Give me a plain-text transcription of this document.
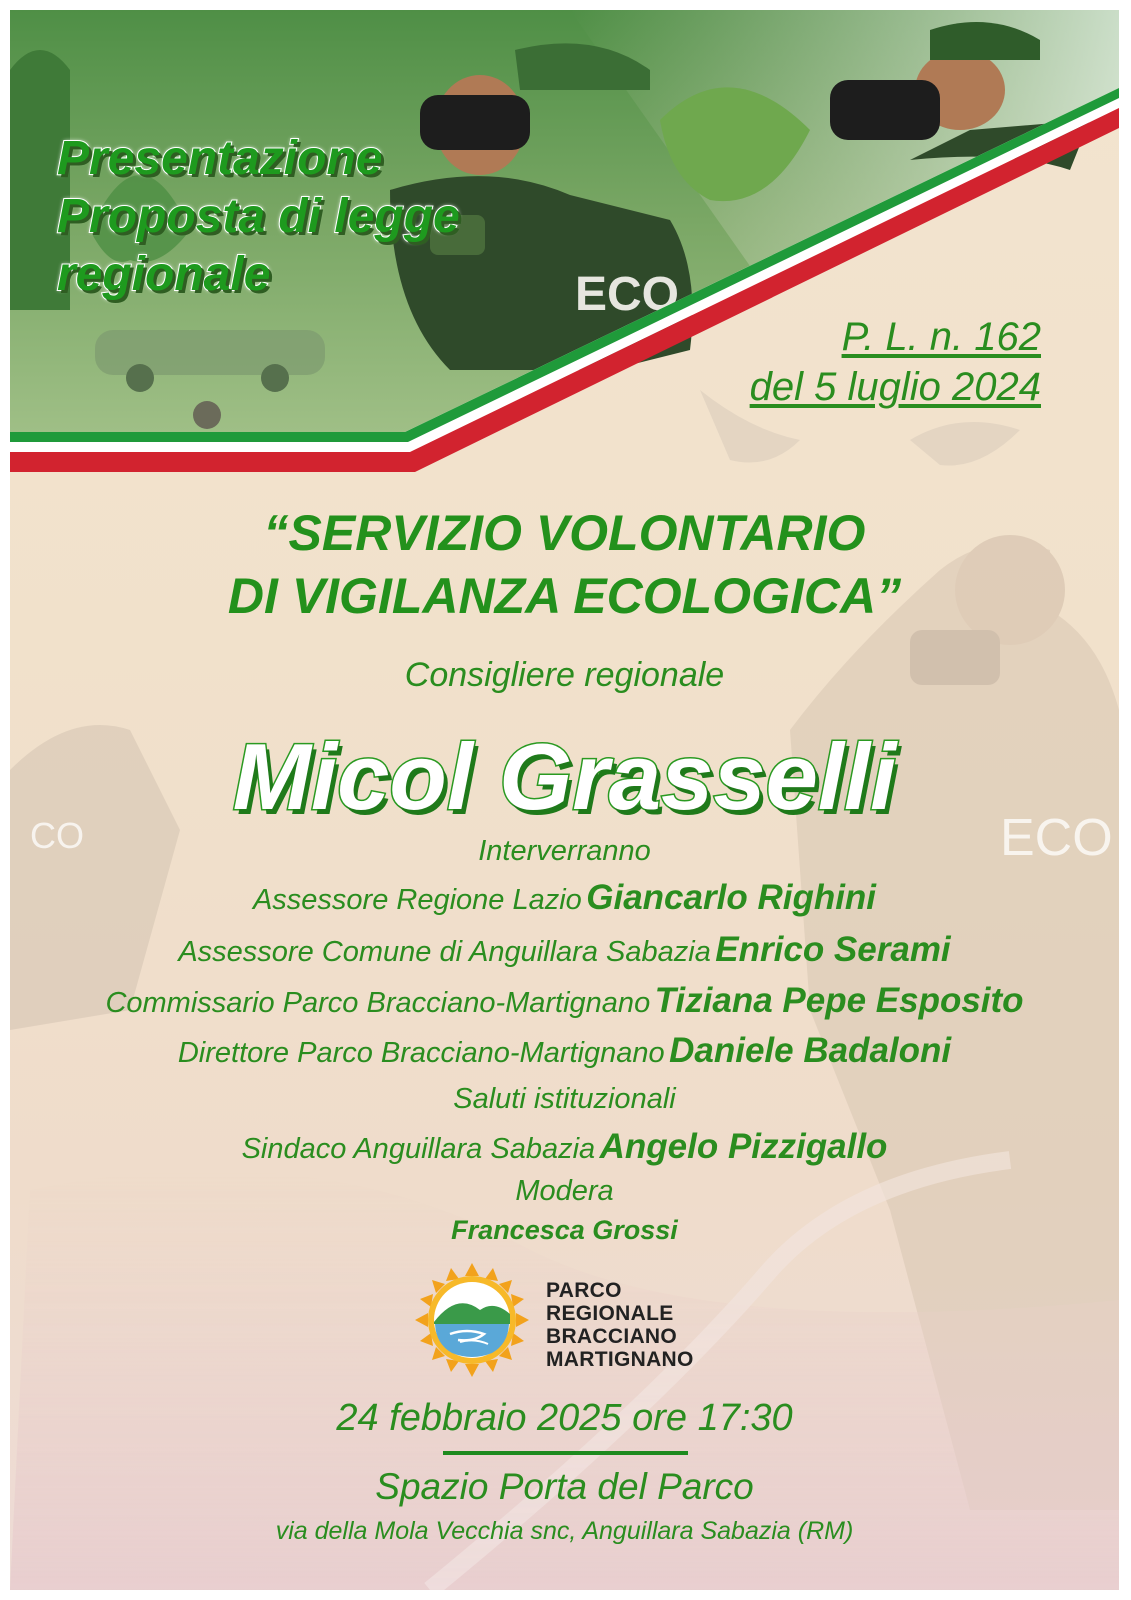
ECO
CO
ECO
Presentazione
Proposta di legge
regionale
P. L. n. 162
del 5 luglio 2024
“SERVIZIO VOLONTARIO
DI VIGILANZA ECOLOGICA”
Consigliere regionale
Micol Grasselli
Interverranno
Assessore Regione Lazio Giancarlo Righini
Assessore Comune di Anguillara Sabazia Enrico Serami
Commissario Parco Bracciano-Martignano Tiziana Pepe Esposito
Direttore Parco Bracciano-Martignano Daniele Badaloni
Saluti istituzionali
Sindaco Anguillara Sabazia Angelo Pizzigallo
Modera
Francesca Grossi
PARCO
REGIONALE
BRACCIANO
MARTIGNANO
24 febbraio 2025 ore 17:30
Spazio Porta del Parco
via della Mola Vecchia snc, Anguillara Sabazia (RM)
